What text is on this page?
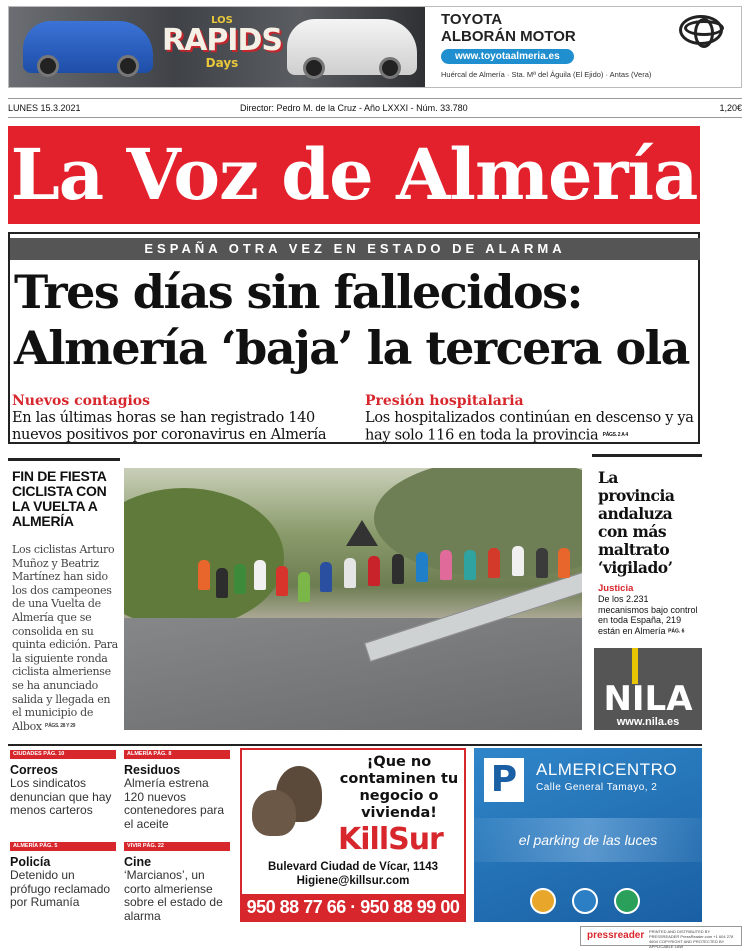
LOS
RAPIDS
Days
TOYOTA
ALBORÁN MOTOR
www.toyotaalmeria.es
Huércal de Almería · Sta. Mª del Águila (El Ejido) · Antas (Vera)
LUNES 15.3.2021	Director: Pedro M. de la Cruz - Año LXXXI - Núm. 33.780	1,20€
La Voz de Almería
ESPAÑA OTRA VEZ EN ESTADO DE ALARMA
Tres días sin fallecidos:
Almería ‘baja’ la tercera ola
Nuevos contagios
En las últimas horas se han registrado 140 nuevos positivos por coronavirus en Almería
Presión hospitalaria
Los hospitalizados continúan en descenso y ya hay solo 116 en toda la provincia PÁGS. 2 A 4
FIN DE FIESTA CICLISTA CON LA VUELTA A ALMERÍA
Los ciclistas Arturo Muñoz y Beatriz Martínez han sido los dos campeones de una Vuelta de Almería que se consolida en su quinta edición. Para la siguiente ronda ciclista almeriense se ha anunciado salida y llegada en el municipio de Albox PÁGS. 28 Y 29
La provincia andaluza con más maltrato ‘vigilado’
Justicia
De los 2.231 mecanismos bajo control en toda España, 219 están en Almería PÁG. 6
NILA
www.nila.es
CIUDADES PÁG. 10
Correos
Los sindicatos denuncian que hay menos carteros
ALMERÍA PÁG. 8
Residuos
Almería estrena 120 nuevos contenedores para el aceite
ALMERÍA PÁG. 5
Policía
Detenido un prófugo reclamado por Rumanía
VIVIR PÁG. 22
Cine
‘Marcianos’, un corto almeriense sobre el estado de alarma
¡Que no contaminen tu negocio o vivienda!
KillSur
Bulevard Ciudad de Vícar, 1143
Higiene@killsur.com
950 88 77 66 · 950 88 99 00
P	ALMERICENTRO
Calle General Tamayo, 2
el parking de las luces
pressreader PRINTED AND DISTRIBUTED BY PRESSREADER PressReader.com +1 604 278 4604 COPYRIGHT AND PROTECTED BY APPLICABLE LAW
